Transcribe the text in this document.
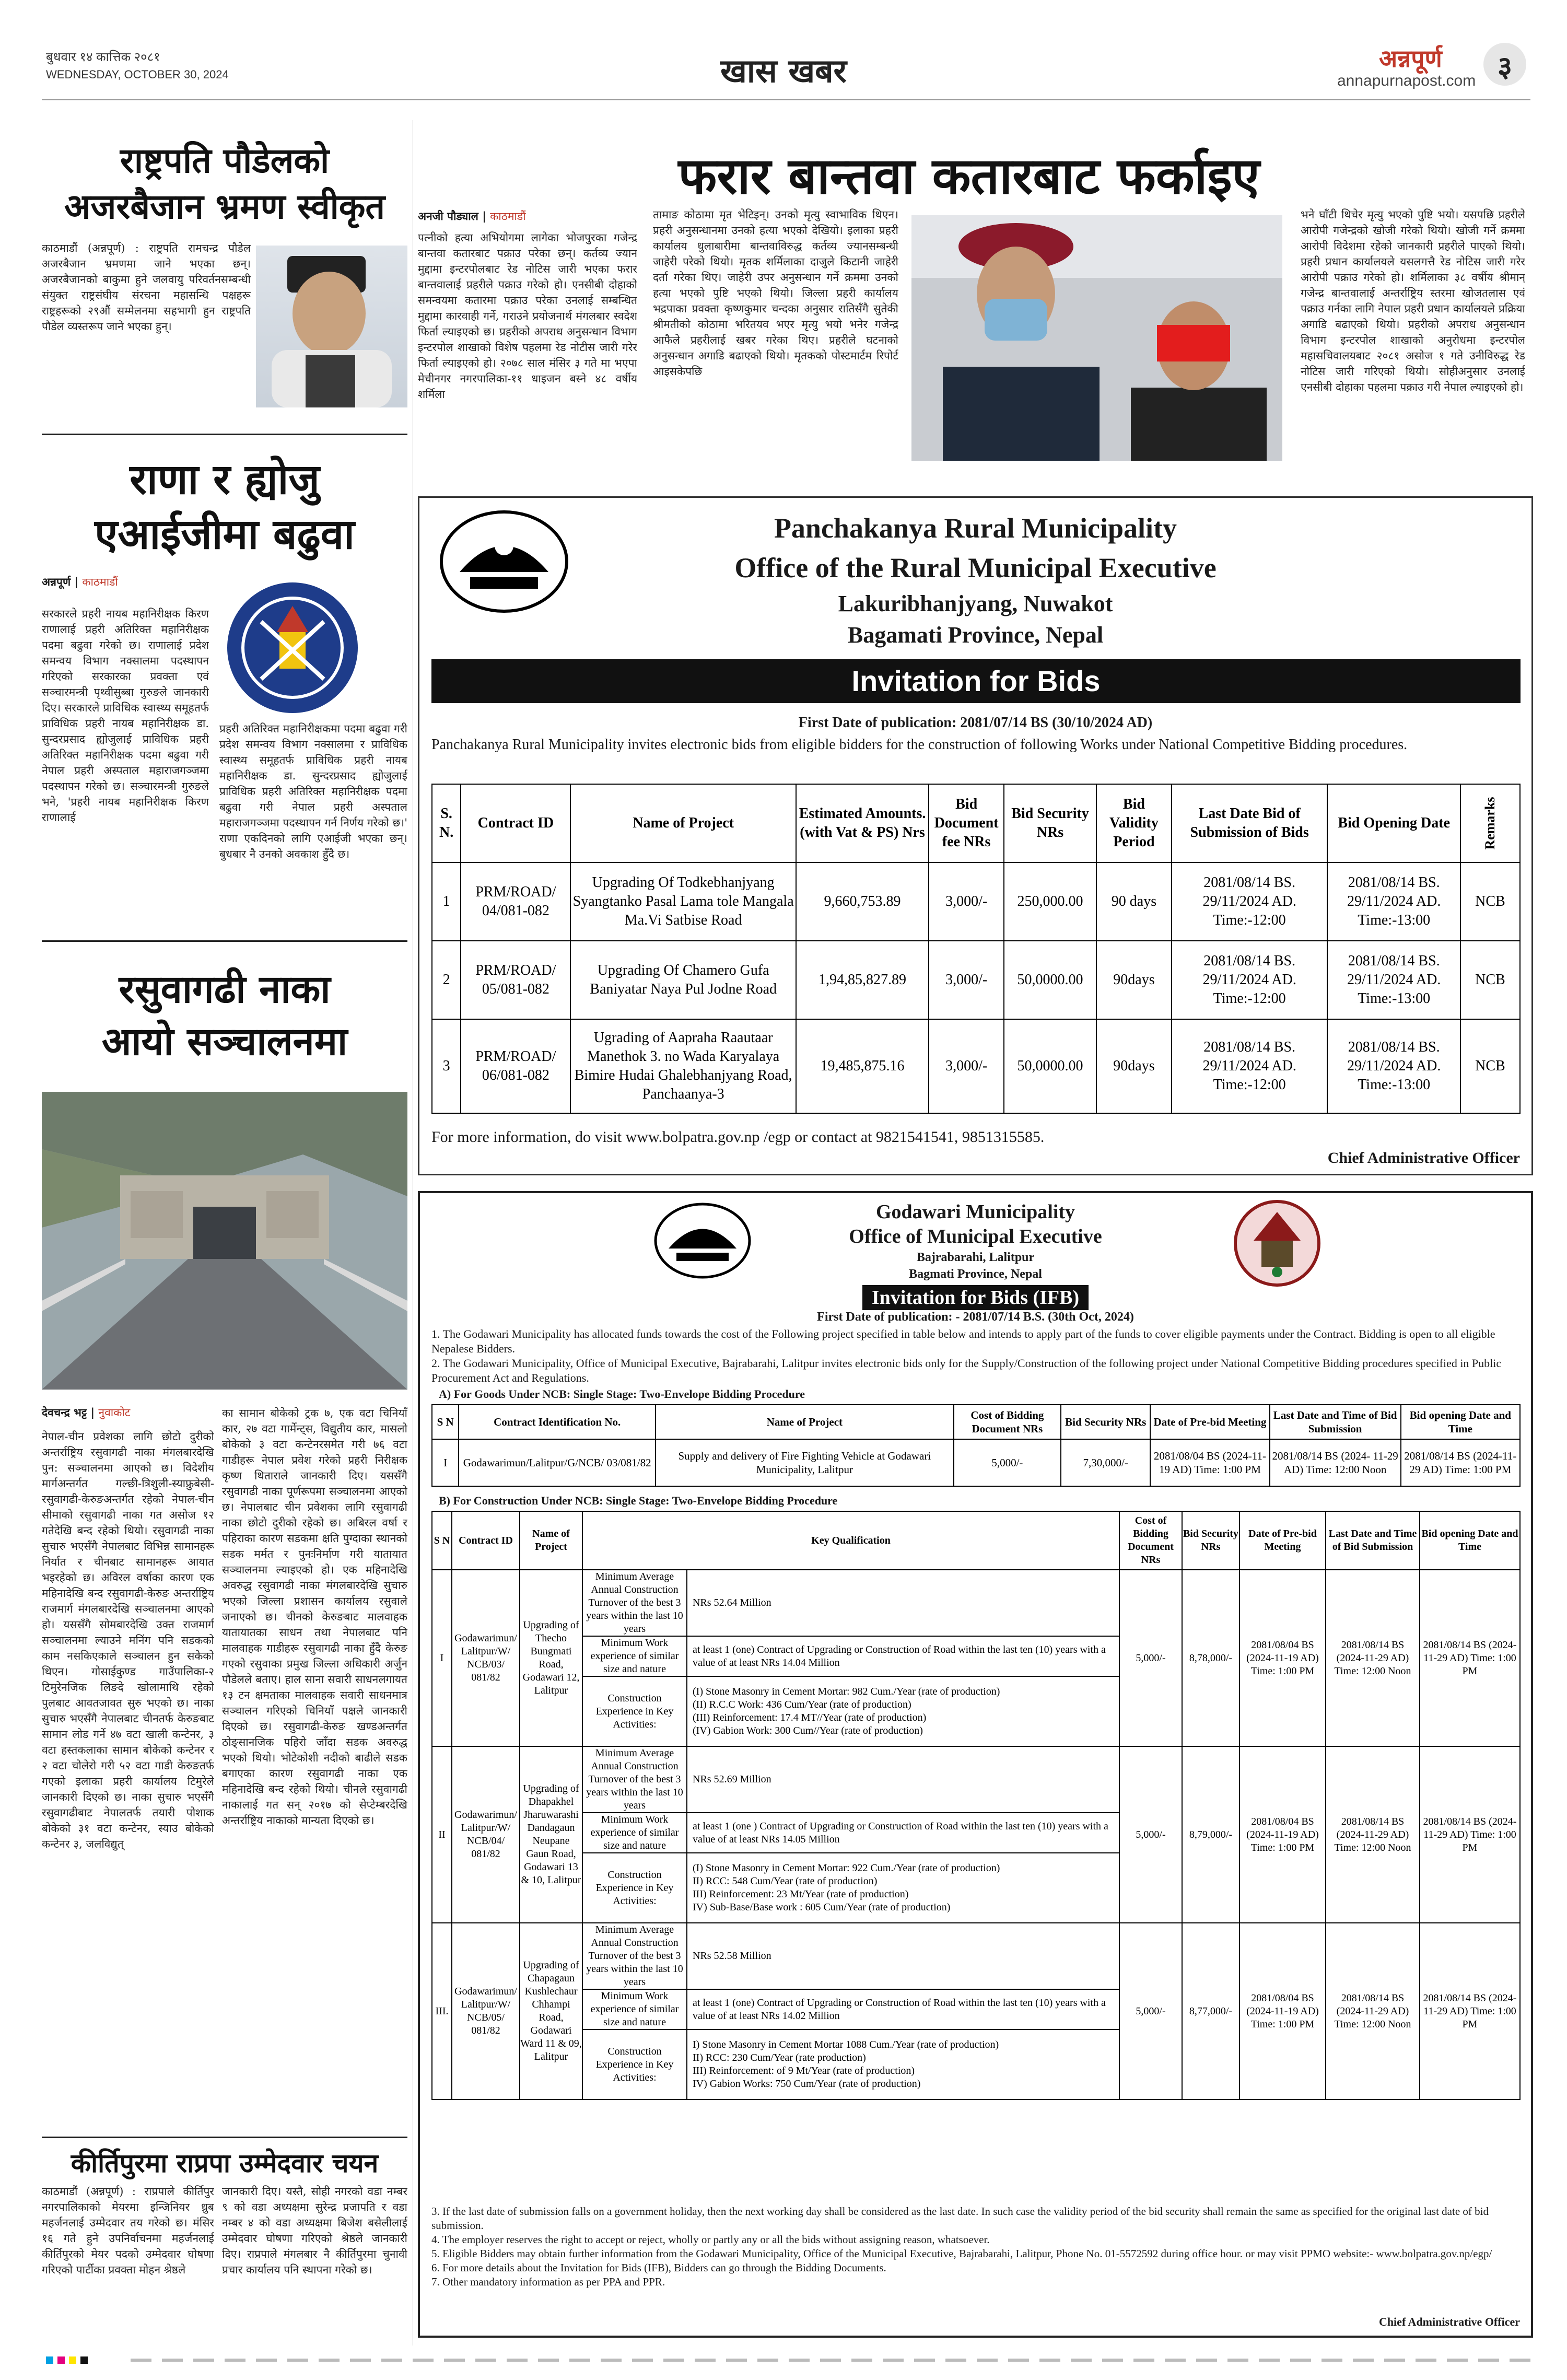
बुधवार १४ कात्तिक २०८१
WEDNESDAY, OCTOBER 30, 2024	खास खबर	अन्नपूर्ण
annapurnapost.com ३
राष्ट्रपति पौडेलको
अजरबैजान भ्रमण स्वीकृत
काठमाडौं (अन्नपूर्ण) : राष्ट्रपति रामचन्द्र पौडेल अजरबैजान भ्रमणमा जाने भएका छन्। अजरबैजानको बाकुमा हुने जलवायु परिवर्तनसम्बन्धी संयुक्त राष्ट्रसंघीय संरचना महासन्धि पक्षहरू राष्ट्रहरूको २९औं सम्मेलनमा सहभागी हुन राष्ट्रपति पौडेल व्यस्तरूप जाने भएका हुन्।
राणा र ह्योजु
एआईजीमा बढुवा
अन्नपूर्ण | काठमाडौं
सरकारले प्रहरी नायब महानिरीक्षक किरण राणालाई प्रहरी अतिरिक्त महानिरीक्षक पदमा बढुवा गरेको छ। राणालाई प्रदेश समन्वय विभाग नक्सालमा पदस्थापन गरिएको सरकारका प्रवक्ता एवं सञ्चारमन्त्री पृथ्वीसुब्बा गुरुङले जानकारी दिए। सरकारले प्राविधिक स्वास्थ्य समूहतर्फ प्राविधिक प्रहरी नायब महानिरीक्षक डा. सुन्दरप्रसाद ह्योजुलाई प्राविधिक प्रहरी अतिरिक्त महानिरीक्षक पदमा बढुवा गरी नेपाल प्रहरी अस्पताल महाराजगञ्जमा पदस्थापन गरेको छ। सञ्चारमन्त्री गुरुङले भने, 'प्रहरी नायब महानिरीक्षक किरण राणालाई
प्रहरी अतिरिक्त महानिरीक्षकमा पदमा बढुवा गरी प्रदेश समन्वय विभाग नक्सालमा र प्राविधिक स्वास्थ्य समूहतर्फ प्राविधिक प्रहरी नायब महानिरीक्षक डा. सुन्दरप्रसाद ह्योजुलाई प्राविधिक प्रहरी अतिरिक्त महानिरीक्षक पदमा बढुवा गरी नेपाल प्रहरी अस्पताल महाराजगञ्जमा पदस्थापन गर्न निर्णय गरेको छ।' राणा एकदिनको लागि एआईजी भएका छन्। बुधबार नै उनको अवकाश हुँदै छ।
रसुवागढी नाका
आयो सञ्चालनमा
देवचन्द्र भट्ट | नुवाकोट
नेपाल-चीन प्रवेशका लागि छोटो दुरीको अन्तर्राष्ट्रिय रसुवागढी नाका मंगलबारदेखि पुन: सञ्चालनमा आएको छ। विदेशीय मार्गअन्तर्गत गल्छी-त्रिशुली-स्याफ्रुबेसी-रसुवागढी-केरुङअन्तर्गत रहेको नेपाल-चीन सीमाको रसुवागढी नाका गत असोज १२ गतेदेखि बन्द रहेको थियो। रसुवागढी नाका सुचारु भएसँगै नेपालबाट विभिन्न सामानहरू निर्यात र चीनबाट सामानहरू आयात भइरहेको छ। अविरल वर्षाका कारण एक महिनादेखि बन्द रसुवागढी-केरुङ अन्तर्राष्ट्रिय राजमार्ग मंगलबारदेखि सञ्चालनमा आएको हो। यससँगै सोमबारदेखि उक्त राजमार्ग सञ्चालनमा ल्याउने मनिंग पनि सडकको काम नसकिएकाले सञ्चालन हुन सकेको थिएन। गोसाईकुण्ड गाउँपालिका-२ टिमुरेनजिक लिङदे खोलामाथि रहेको पुलबाट आवतजावत सुरु भएको छ। नाका सुचारु भएसँगै नेपालबाट चीनतर्फ केरुङबाट सामान लोड गर्ने ४७ वटा खाली कन्टेनर, ३ वटा हस्तकलाका सामान बोकेको कन्टेनर र २ वटा चोलेरो गरी ५२ वटा गाडी केरुङतर्फ गएको इलाका प्रहरी कार्यालय टिमुरेले जानकारी दिएको छ। नाका सुचारु भएसँगै रसुवागढीबाट नेपालतर्फ तयारी पोशाक बोकेको ३१ वटा कन्टेनर, स्याउ बोकेको कन्टेनर ३, जलविद्युत्
का सामान बोकेको ट्रक ७, एक वटा चिनियाँ कार, २७ वटा गार्मेन्ट्स, विद्युतीय कार, मासलो बोकेको ३ वटा कन्टेनरसमेत गरी ७६ वटा गाडीहरू नेपाल प्रवेश गरेको प्रहरी निरीक्षक कृष्ण थिताराले जानकारी दिए। यससँगै रसुवागढी नाका पूर्णरूपमा सञ्चालनमा आएको छ। नेपालबाट चीन प्रवेशका लागि रसुवागढी नाका छोटो दुरीको रहेको छ। अबिरल वर्षा र पहिराका कारण सडकमा क्षति पुग्दाका स्थानको सडक मर्मत र पुनःनिर्माण गरी यातायात सञ्चालनमा ल्याइएको हो। एक महिनादेखि अवरुद्ध रसुवागढी नाका मंगलबारदेखि सुचारु भएको जिल्ला प्रशासन कार्यालय रसुवाले जनाएको छ। चीनको केरुङबाट मालवाहक यातायातका साधन तथा नेपालबाट पनि मालवाहक गाडीहरू रसुवागढी नाका हुँदै केरुङ गएको रसुवाका प्रमुख जिल्ला अधिकारी अर्जुन पौडेलले बताए। हाल साना सवारी साधनलगायत १३ टन क्षमताका मालवाहक सवारी साधनमात्र सञ्चालन गरिएको चिनियाँ पक्षले जानकारी दिएको छ। रसुवागढी-केरुङ खण्डअन्तर्गत ठोङ्सानजिक पहिरो जाँदा सडक अवरुद्ध भएको थियो। भोटेकोशी नदीको बाढीले सडक बगाएका कारण रसुवागढी नाका एक महिनादेखि बन्द रहेको थियो। चीनले रसुवागढी नाकालाई गत सन् २०१७ को सेप्टेम्बरदेखि अन्तर्राष्ट्रिय नाकाको मान्यता दिएको छ।
कीर्तिपुरमा राप्रपा उम्मेदवार चयन
काठमाडौं (अन्नपूर्ण) : राप्रपाले कीर्तिपुर नगरपालिकाको मेयरमा इन्जिनियर ध्रुब महर्जनलाई उम्मेदवार तय गरेको छ। मंसिर १६ गते हुने उपनिर्वाचनमा महर्जनलाई कीर्तिपुरको मेयर पदको उम्मेदवार घोषणा गरिएको पार्टीका प्रवक्ता मोहन श्रेष्ठले
जानकारी दिए। यस्तै, सोही नगरको वडा नम्बर ९ को वडा अध्यक्षमा सुरेन्द्र प्रजापति र वडा नम्बर ४ को वडा अध्यक्षमा बिजेश बसेलीलाई उम्मेदवार घोषणा गरिएको श्रेष्ठले जानकारी दिए। राप्रपाले मंगलबार नै कीर्तिपुरमा चुनावी प्रचार कार्यालय पनि स्थापना गरेको छ।
फरार बान्तवा कतारबाट फर्काइए
अनजी पौड्याल | काठमाडौं
पत्नीको हत्या अभियोगमा लागेका भोजपुरका गजेन्द्र बान्तवा कतारबाट पक्राउ परेका छन्। कर्तव्य ज्यान मुद्दामा इन्टरपोलबाट रेड नोटिस जारी भएका फरार बान्तवालाई प्रहरीले पक्राउ गरेको हो। एनसीबी दोहाको समन्वयमा कतारमा पक्राउ परेका उनलाई सम्बन्धित मुद्दामा कारवाही गर्ने, गराउने प्रयोजनार्थ मंगलबार स्वदेश फिर्ता ल्याइएको छ। प्रहरीको अपराध अनुसन्धान विभाग इन्टरपोल शाखाको विशेष पहलमा रेड नोटीस जारी गरेर फिर्ता ल्याइएको हो। २०७८ साल मंसिर ३ गते मा भएपा मेचीनगर नगरपालिका-११ धाइजन बस्ने ४८ वर्षीय शर्मिला
तामाङ कोठामा मृत भेटिइन्। उनको मृत्यु स्वाभाविक थिएन। प्रहरी अनुसन्धानमा उनको हत्या भएको देखियो। इलाका प्रहरी कार्यालय धुलाबारीमा बान्तवाविरुद्ध कर्तव्य ज्यानसम्बन्धी जाहेरी परेको थियो। मृतक शर्मिलाका दाजुले किटानी जाहेरी दर्ता गरेका थिए। जाहेरी उपर अनुसन्धान गर्ने क्रममा उनको हत्या भएको पुष्टि भएको थियो। जिल्ला प्रहरी कार्यालय भद्रपाका प्रवक्ता कृष्णकुमार चन्दका अनुसार रातिसँगै सुतेकी श्रीमतीको कोठामा भरितयव भएर मृत्यु भयो भनेर गजेन्द्र आफैले प्रहरीलाई खबर गरेका थिए। प्रहरीले घटनाको अनुसन्धान अगाडि बढाएको थियो। मृतकको पोस्टमार्टम रिपोर्ट आइसकेपछि
भने घाँटी थिचेर मृत्यु भएको पुष्टि भयो। यसपछि प्रहरीले आरोपी गजेन्द्रको खोजी गरेको थियो। खोजी गर्ने क्रममा आरोपी विदेशमा रहेको जानकारी प्रहरीले पाएको थियो। प्रहरी प्रधान कार्यालयले यसलगत्तै रेड नोटिस जारी गरेर आरोपी पक्राउ गरेको हो। शर्मिलाका ३८ वर्षीय श्रीमान् गजेन्द्र बान्तवालाई अन्तर्राष्ट्रिय स्तरमा खोजतलास एवं पक्राउ गर्नका लागि नेपाल प्रहरी प्रधान कार्यालयले प्रक्रिया अगाडि बढाएको थियो। प्रहरीको अपराध अनुसन्धान विभाग इन्टरपोल शाखाको अनुरोधमा इन्टरपोल महासचिवालयबाट २०८१ असोज १ गते उनीविरुद्ध रेड नोटिस जारी गरिएको थियो। सोहीअनुसार उनलाई एनसीबी दोहाका पहलमा पक्राउ गरी नेपाल ल्याइएको हो।
Panchakanya Rural Municipality
Office of the Rural Municipal Executive
Lakuribhanjyang, Nuwakot
Bagamati Province, Nepal
Invitation for Bids
First Date of publication: 2081/07/14 BS (30/10/2024 AD)
Panchakanya Rural Municipality invites electronic bids from eligible bidders for the construction of following Works under National Competitive Bidding procedures.
S. N.	Contract ID	Name of Project	Estimated Amounts. (with Vat & PS) Nrs	Bid Document fee NRs	Bid Security NRs	Bid Validity Period	Last Date Bid of Submission of Bids	Bid Opening Date	Remarks

1	PRM/ROAD/ 04/081-082	Upgrading Of Todkebhanjyang Syangtanko Pasal Lama tole Mangala Ma.Vi Satbise Road	9,660,753.89	3,000/-	250,000.00	90 days	2081/08/14 BS. 29/11/2024 AD. Time:-12:00	2081/08/14 BS. 29/11/2024 AD. Time:-13:00	NCB
2	PRM/ROAD/ 05/081-082	Upgrading Of Chamero Gufa Baniyatar Naya Pul Jodne Road	1,94,85,827.89	3,000/-	50,0000.00	90days	2081/08/14 BS. 29/11/2024 AD. Time:-12:00	2081/08/14 BS. 29/11/2024 AD. Time:-13:00	NCB
3	PRM/ROAD/ 06/081-082	Ugrading of Aapraha Raautaar Manethok 3. no Wada Karyalaya Bimire Hudai Ghalebhanjyang Road, Panchaanya-3	19,485,875.16	3,000/-	50,0000.00	90days	2081/08/14 BS. 29/11/2024 AD. Time:-12:00	2081/08/14 BS. 29/11/2024 AD. Time:-13:00	NCB
For more information, do visit www.bolpatra.gov.np /egp or contact at 9821541541, 9851315585.
Chief Administrative Officer
Godawari Municipality
Office of Municipal Executive
Bajrabarahi, Lalitpur
Bagmati Province, Nepal
Invitation for Bids (IFB)
First Date of publication: - 2081/07/14 B.S. (30th Oct, 2024)
1. The Godawari Municipality has allocated funds towards the cost of the Following project specified in table below and intends to apply part of the funds to cover eligible payments under the Contract. Bidding is open to all eligible Nepalese Bidders.
2. The Godawari Municipality, Office of Municipal Executive, Bajrabarahi, Lalitpur invites electronic bids only for the Supply/Construction of the following project under National Competitive Bidding procedures specified in Public Procurement Act and Regulations.
A) For Goods Under NCB: Single Stage: Two-Envelope Bidding Procedure
S N	Contract Identification No.	Name of Project	Cost of Bidding Document NRs	Bid Security NRs	Date of Pre-bid Meeting	Last Date and Time of Bid Submission	Bid opening Date and Time
I	Godawarimun/Lalitpur/G/NCB/ 03/081/82	Supply and delivery of Fire Fighting Vehicle at Godawari Municipality, Lalitpur	5,000/-	7,30,000/-	2081/08/04 BS (2024-11- 19 AD) Time: 1:00 PM	2081/08/14 BS (2024- 11-29 AD) Time: 12:00 Noon	2081/08/14 BS (2024-11-29 AD) Time: 1:00 PM
B) For Construction Under NCB: Single Stage: Two-Envelope Bidding Procedure
S N	Contract ID	Name of Project	Key Qualification		Cost of Bidding Document NRs	Bid Security NRs	Date of Pre-bid Meeting	Last Date and Time of Bid Submission	Bid opening Date and Time
I	Godawarimun/ Lalitpur/W/ NCB/03/ 081/82	Upgrading of Thecho Bungmati Road, Godawari 12, Lalitpur	Minimum Average Annual Construction Turnover of the best 3 years within the last 10 years	NRs 52.64 Million	5,000/-	8,78,000/-	2081/08/04 BS (2024-11-19 AD) Time: 1:00 PM	2081/08/14 BS (2024-11-29 AD) Time: 12:00 Noon	2081/08/14 BS (2024-11-29 AD) Time: 1:00 PM
			Minimum Work experience of similar size and nature	at least 1 (one) Contract of Upgrading or Construction of Road within the last ten (10) years with a value of at least NRs 14.04 Million					
			Construction Experience in Key Activities:	(I) Stone Masonry in Cement Mortar: 982 Cum./Year (rate of production)
(II) R.C.C Work: 436 Cum/Year (rate of production)
(III) Reinforcement: 17.4 MT//Year (rate of production)
(IV) Gabion Work: 300 Cum//Year (rate of production)					
II	Godawarimun/ Lalitpur/W/ NCB/04/ 081/82	Upgrading of Dhapakhel Jharuwarashi Dandagaun Neupane Gaun Road, Godawari 13 & 10, Lalitpur	Minimum Average Annual Construction Turnover of the best 3 years within the last 10 years	NRs 52.69 Million	5,000/-	8,79,000/-	2081/08/04 BS (2024-11-19 AD) Time: 1:00 PM	2081/08/14 BS (2024-11-29 AD) Time: 12:00 Noon	2081/08/14 BS (2024-11-29 AD) Time: 1:00 PM
			Minimum Work experience of similar size and nature	at least 1 (one ) Contract of Upgrading or Construction of Road within the last ten (10) years with a value of at least NRs 14.05 Million					
			Construction Experience in Key Activities:	(I) Stone Masonry in Cement Mortar: 922 Cum./Year (rate of production)
II) RCC: 548 Cum/Year (rate of production)
III) Reinforcement: 23 Mt/Year (rate of production)
IV) Sub-Base/Base work : 605 Cum/Year (rate of production)					
III.	Godawarimun/ Lalitpur/W/ NCB/05/ 081/82	Upgrading of Chapagaun Kushlechaur Chhampi Road, Godawari Ward 11 & 09, Lalitpur	Minimum Average Annual Construction Turnover of the best 3 years within the last 10 years	NRs 52.58 Million	5,000/-	8,77,000/-	2081/08/04 BS (2024-11-19 AD) Time: 1:00 PM	2081/08/14 BS (2024-11-29 AD) Time: 12:00 Noon	2081/08/14 BS (2024-11-29 AD) Time: 1:00 PM
			Minimum Work experience of similar size and nature	at least 1 (one) Contract of Upgrading or Construction of Road within the last ten (10) years with a value of at least NRs 14.02 Million					
			Construction Experience in Key Activities:	I) Stone Masonry in Cement Mortar 1088 Cum./Year (rate of production)
II) RCC: 230 Cum/Year (rate production)
III) Reinforcement: of 9 Mt/Year (rate of production)
IV) Gabion Works: 750 Cum/Year (rate of production)					
3. If the last date of submission falls on a government holiday, then the next working day shall be considered as the last date. In such case the validity period of the bid security shall remain the same as specified for the original last date of bid submission.
4. The employer reserves the right to accept or reject, wholly or partly any or all the bids without assigning reason, whatsoever.
5. Eligible Bidders may obtain further information from the Godawari Municipality, Office of the Municipal Executive, Bajrabarahi, Lalitpur, Phone No. 01-5572592 during office hour. or may visit PPMO website:- www.bolpatra.gov.np/egp/
6. For more details about the Invitation for Bids (IFB), Bidders can go through the Bidding Documents.
7. Other mandatory information as per PPA and PPR.
Chief Administrative Officer
